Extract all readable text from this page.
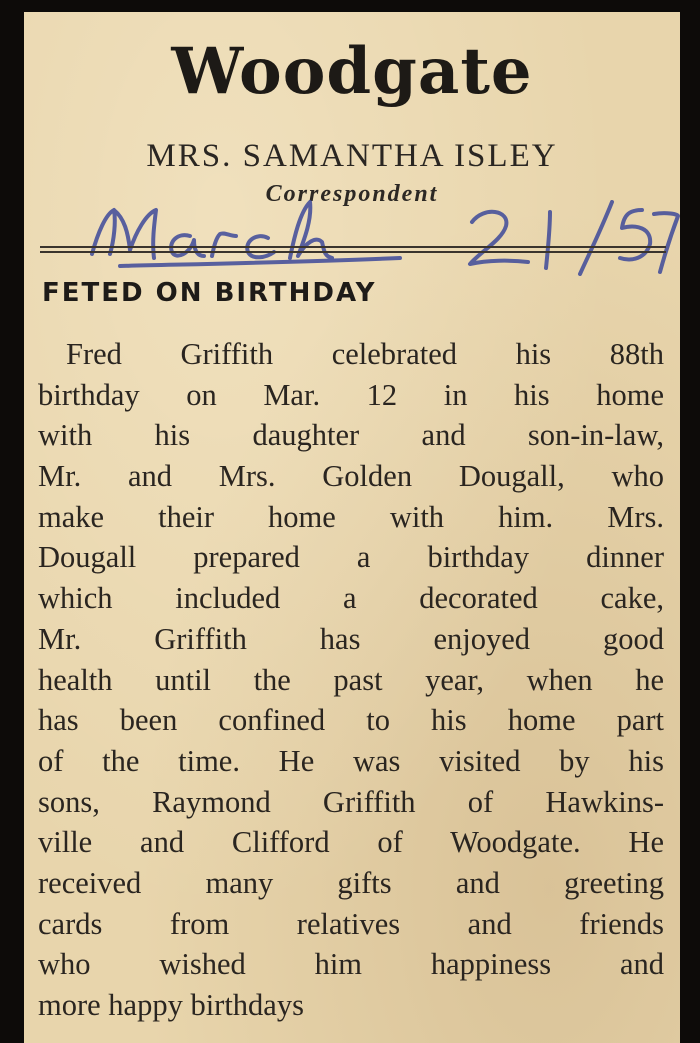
Woodgate
MRS. SAMANTHA ISLEY
Correspondent
FETED ON BIRTHDAY
Fred Griffith celebrated his 88th
birthday on Mar. 12 in his home
with his daughter and son-in-law,
Mr. and Mrs. Golden Dougall, who
make their home with him. Mrs.
Dougall prepared a birthday dinner
which included a decorated cake,
Mr. Griffith has enjoyed good
health until the past year, when he
has been confined to his home part
of the time. He was visited by his
sons, Raymond Griffith of Hawkins-
ville and Clifford of Woodgate. He
received many gifts and greeting
cards from relatives and friends
who wished him happiness and
more happy birthdays
